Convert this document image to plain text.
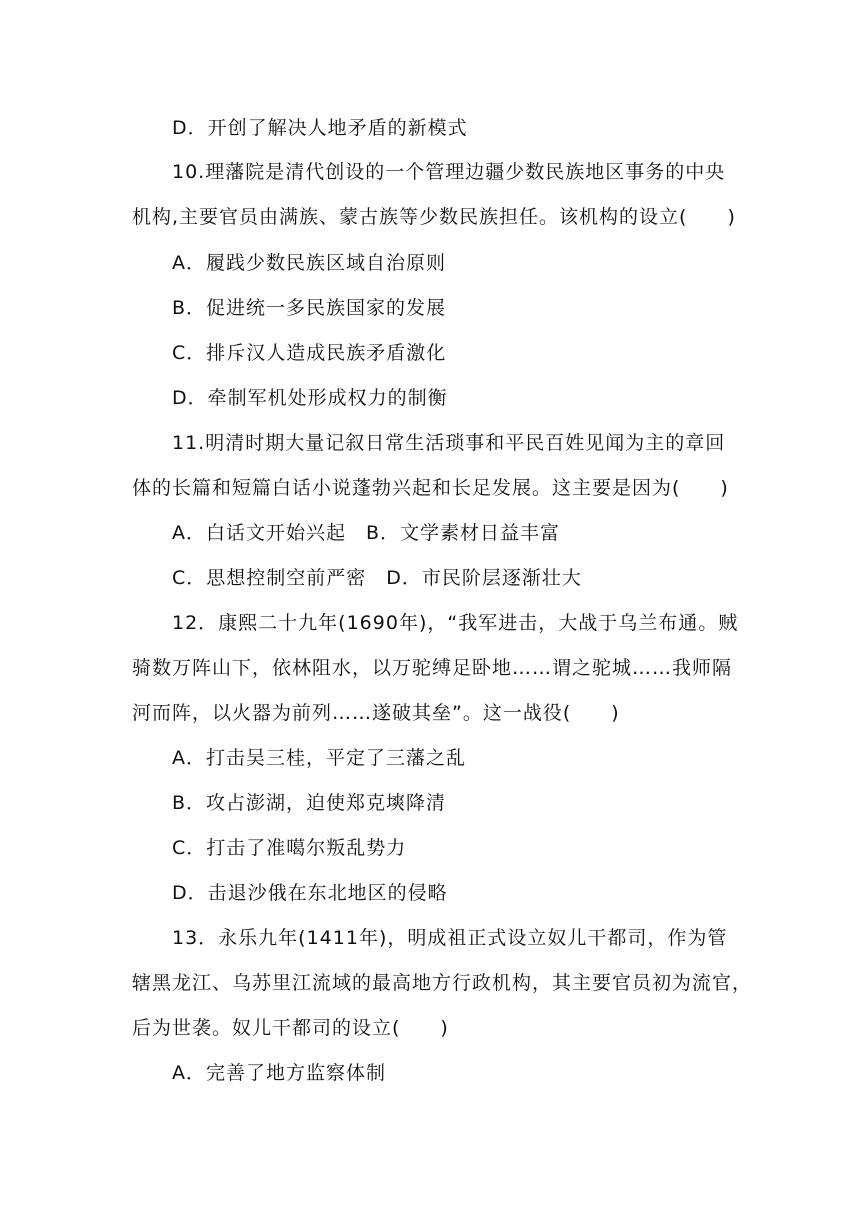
D．开创了解决人地矛盾的新模式
10.理藩院是清代创设的一个管理边疆少数民族地区事务的中央
机构,主要官员由满族、蒙古族等少数民族担任。该机构的设立(　　)
A．履践少数民族区域自治原则
B．促进统一多民族国家的发展
C．排斥汉人造成民族矛盾激化
D．牵制军机处形成权力的制衡
11.明清时期大量记叙日常生活琐事和平民百姓见闻为主的章回
体的长篇和短篇白话小说蓬勃兴起和长足发展。这主要是因为(　　)
A．白话文开始兴起　B．文学素材日益丰富
C．思想控制空前严密　D．市民阶层逐渐壮大
12．康熙二十九年(1690年)，“我军进击，大战于乌兰布通。贼
骑数万阵山下，依林阻水，以万驼缚足卧地……谓之驼城……我师隔
河而阵，以火器为前列……遂破其垒”。这一战役(　　)
A．打击吴三桂，平定了三藩之乱
B．攻占澎湖，迫使郑克塽降清
C．打击了准噶尔叛乱势力
D．击退沙俄在东北地区的侵略
13．永乐九年(1411年)，明成祖正式设立奴儿干都司，作为管
辖黑龙江、乌苏里江流域的最高地方行政机构，其主要官员初为流官，
后为世袭。奴儿干都司的设立(　　)
A．完善了地方监察体制
